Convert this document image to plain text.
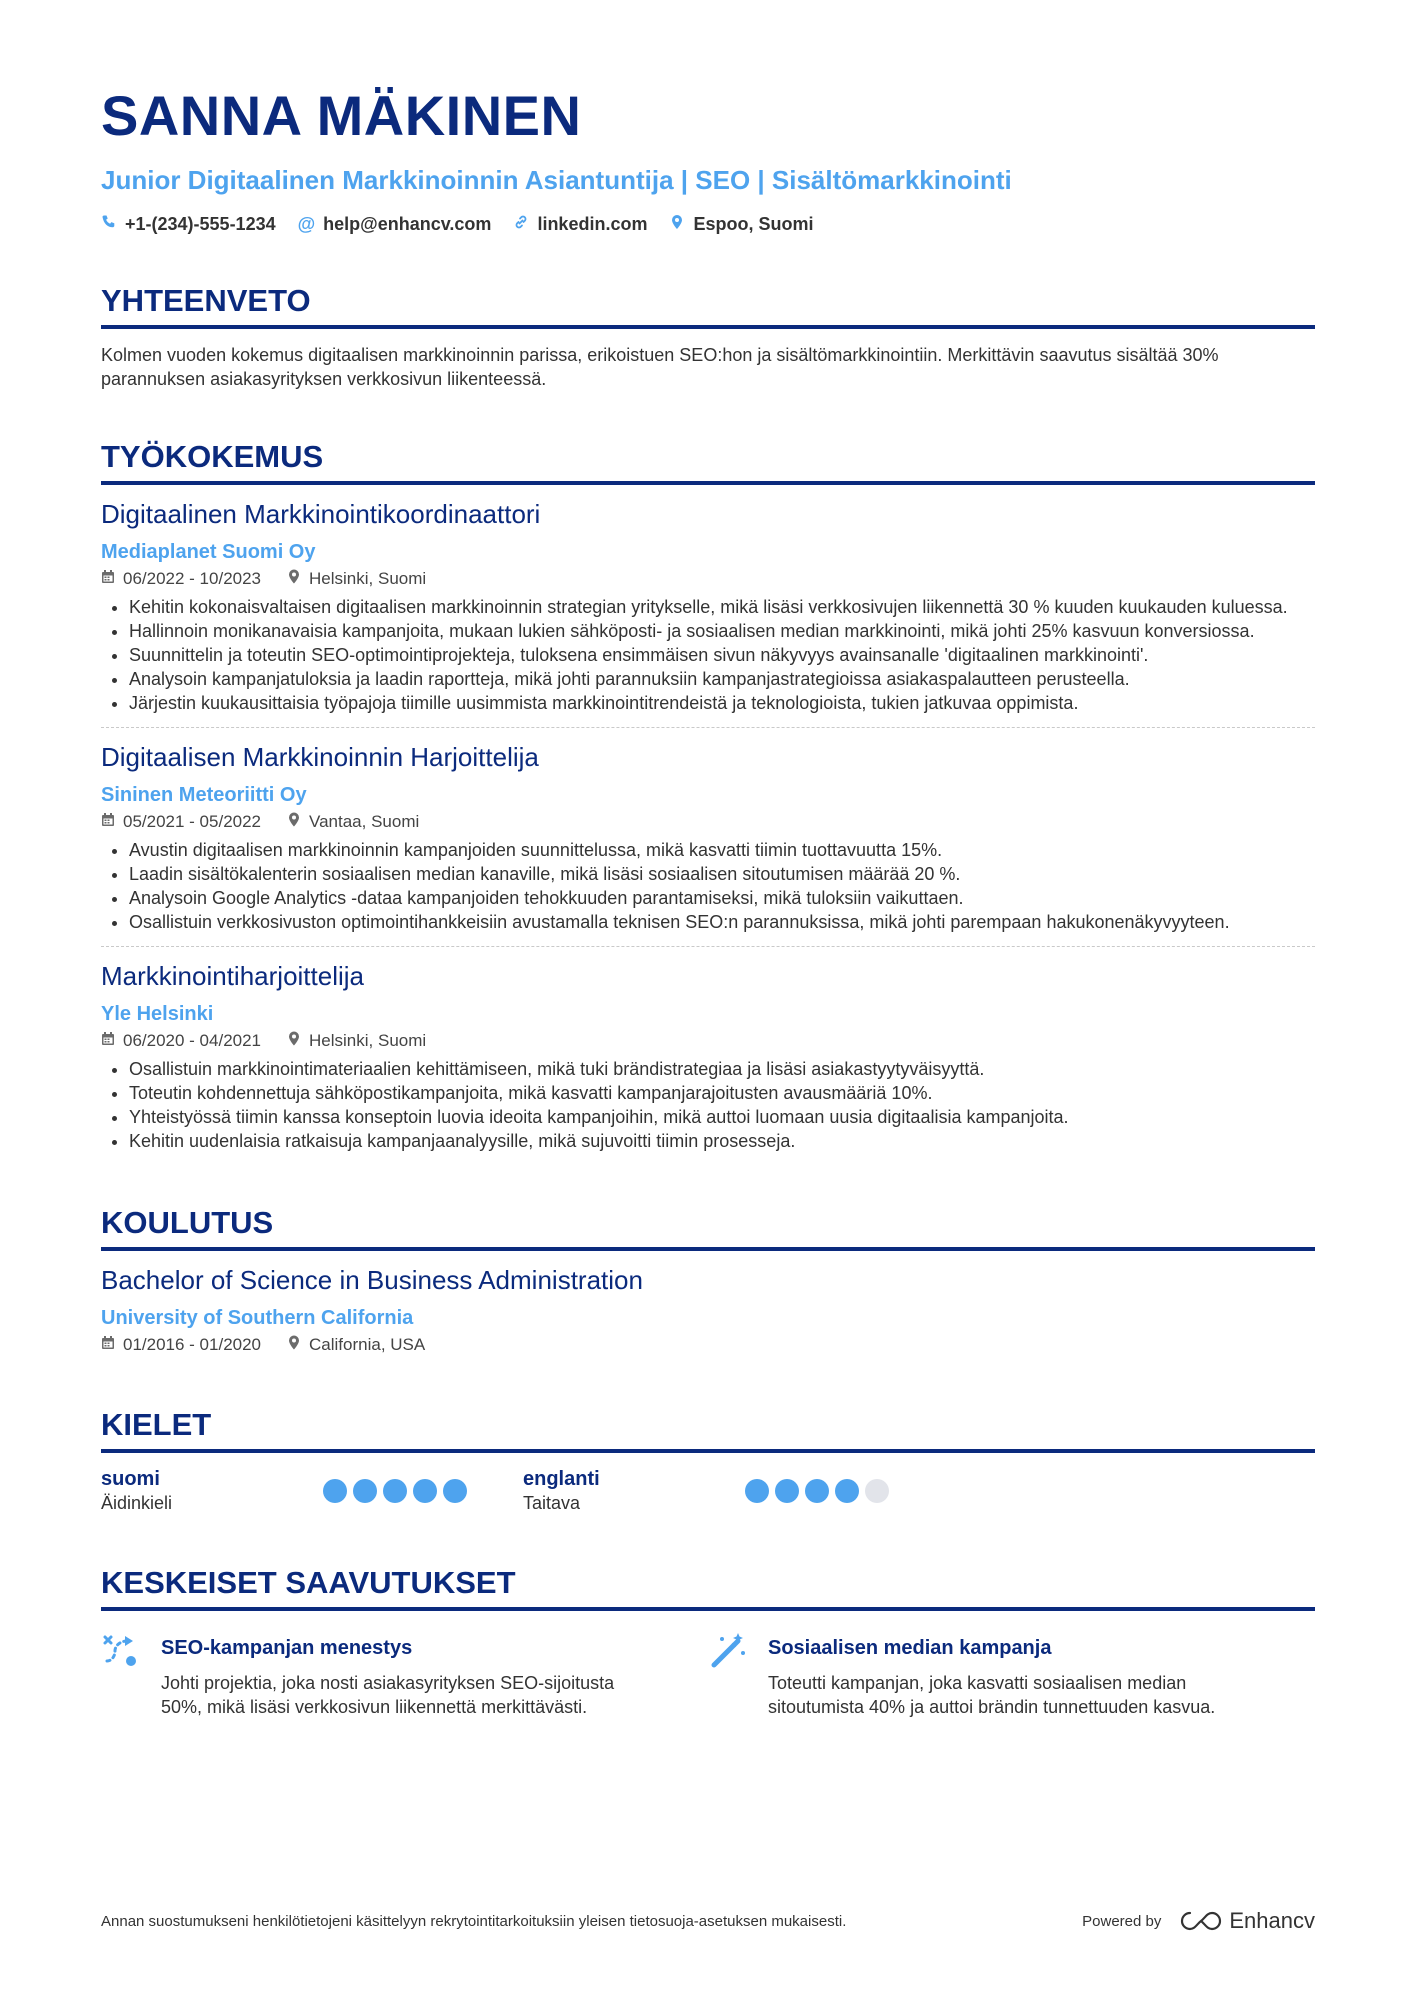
SANNA MÄKINEN
Junior Digitaalinen Markkinoinnin Asiantuntija | SEO | Sisältömarkkinointi
+1-(234)-555-1234 @ help@enhancv.com	linkedin.com	Espoo, Suomi
YHTEENVETO
Kolmen vuoden kokemus digitaalisen markkinoinnin parissa, erikoistuen SEO:hon ja sisältömarkkinointiin. Merkittävin saavutus sisältää 30% parannuksen asiakasyrityksen verkkosivun liikenteessä.
TYÖKOKEMUS
Digitaalinen Markkinointikoordinaattori
Mediaplanet Suomi Oy
06/2022 - 10/2023	Helsinki, Suomi
• Kehitin kokonaisvaltaisen digitaalisen markkinoinnin strategian yritykselle, mikä lisäsi verkkosivujen liikennettä 30 % kuuden kuukauden kuluessa.
• Hallinnoin monikanavaisia kampanjoita, mukaan lukien sähköposti- ja sosiaalisen median markkinointi, mikä johti 25% kasvuun konversiossa.
• Suunnittelin ja toteutin SEO-optimointiprojekteja, tuloksena ensimmäisen sivun näkyvyys avainsanalle 'digitaalinen markkinointi'.
• Analysoin kampanjatuloksia ja laadin raportteja, mikä johti parannuksiin kampanjastrategioissa asiakaspalautteen perusteella.
• Järjestin kuukausittaisia työpajoja tiimille uusimmista markkinointitrendeistä ja teknologioista, tukien jatkuvaa oppimista.
Digitaalisen Markkinoinnin Harjoittelija
Sininen Meteoriitti Oy
05/2021 - 05/2022	Vantaa, Suomi
• Avustin digitaalisen markkinoinnin kampanjoiden suunnittelussa, mikä kasvatti tiimin tuottavuutta 15%.
• Laadin sisältökalenterin sosiaalisen median kanaville, mikä lisäsi sosiaalisen sitoutumisen määrää 20 %.
• Analysoin Google Analytics -dataa kampanjoiden tehokkuuden parantamiseksi, mikä tuloksiin vaikuttaen.
• Osallistuin verkkosivuston optimointihankkeisiin avustamalla teknisen SEO:n parannuksissa, mikä johti parempaan hakukonenäkyvyyteen.
Markkinointiharjoittelija
Yle Helsinki
06/2020 - 04/2021	Helsinki, Suomi
• Osallistuin markkinointimateriaalien kehittämiseen, mikä tuki brändistrategiaa ja lisäsi asiakastyytyväisyyttä.
• Toteutin kohdennettuja sähköpostikampanjoita, mikä kasvatti kampanjarajoitusten avausmääriä 10%.
• Yhteistyössä tiimin kanssa konseptoin luovia ideoita kampanjoihin, mikä auttoi luomaan uusia digitaalisia kampanjoita.
• Kehitin uudenlaisia ratkaisuja kampanjaanalyysille, mikä sujuvoitti tiimin prosesseja.
KOULUTUS
Bachelor of Science in Business Administration
University of Southern California
01/2016 - 01/2020	California, USA
KIELET
suomi
Äidinkieli
englanti
Taitava
KESKEISET SAAVUTUKSET
SEO-kampanjan menestys
Johti projektia, joka nosti asiakasyrityksen SEO-sijoitusta 50%, mikä lisäsi verkkosivun liikennettä merkittävästi.
Sosiaalisen median kampanja
Toteutti kampanjan, joka kasvatti sosiaalisen median sitoutumista 40% ja auttoi brändin tunnettuuden kasvua.
Annan suostumukseni henkilötietojeni käsittelyyn rekrytointitarkoituksiin yleisen tietosuoja-asetuksen mukaisesti.	Powered by	Enhancv
